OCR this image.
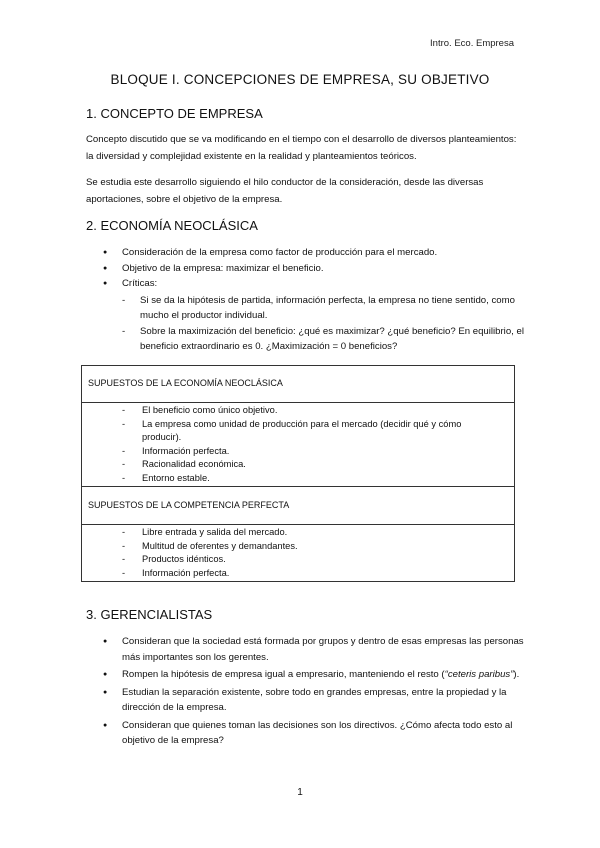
Intro. Eco. Empresa
BLOQUE I. CONCEPCIONES DE EMPRESA, SU OBJETIVO
1. CONCEPTO DE EMPRESA
Concepto discutido que se va modificando en el tiempo con el desarrollo de diversos planteamientos: la diversidad y complejidad existente en la realidad y planteamientos teóricos.
Se estudia este desarrollo siguiendo el hilo conductor de la consideración, desde las diversas aportaciones, sobre el objetivo de la empresa.
2. ECONOMÍA NEOCLÁSICA
● Consideración de la empresa como factor de producción para el mercado.
● Objetivo de la empresa: maximizar el beneficio.
● Críticas:
- Si se da la hipótesis de partida, información perfecta, la empresa no tiene sentido, como mucho el productor individual.
- Sobre la maximización del beneficio: ¿qué es maximizar? ¿qué beneficio? En equilibrio, el beneficio extraordinario es 0. ¿Maximización = 0 beneficios?
SUPUESTOS DE LA ECONOMÍA NEOCLÁSICA
- El beneficio como único objetivo.
- La empresa como unidad de producción para el mercado (decidir qué y cómo producir).
- Información perfecta.
- Racionalidad económica.
- Entorno estable.
SUPUESTOS DE LA COMPETENCIA PERFECTA
- Libre entrada y salida del mercado.
- Multitud de oferentes y demandantes.
- Productos idénticos.
- Información perfecta.
3. GERENCIALISTAS
● Consideran que la sociedad está formada por grupos y dentro de esas empresas las personas más importantes son los gerentes.
● Rompen la hipótesis de empresa igual a empresario, manteniendo el resto (“ceteris paribus”).
● Estudian la separación existente, sobre todo en grandes empresas, entre la propiedad y la dirección de la empresa.
● Consideran que quienes toman las decisiones son los directivos. ¿Cómo afecta todo esto al objetivo de la empresa?
1
